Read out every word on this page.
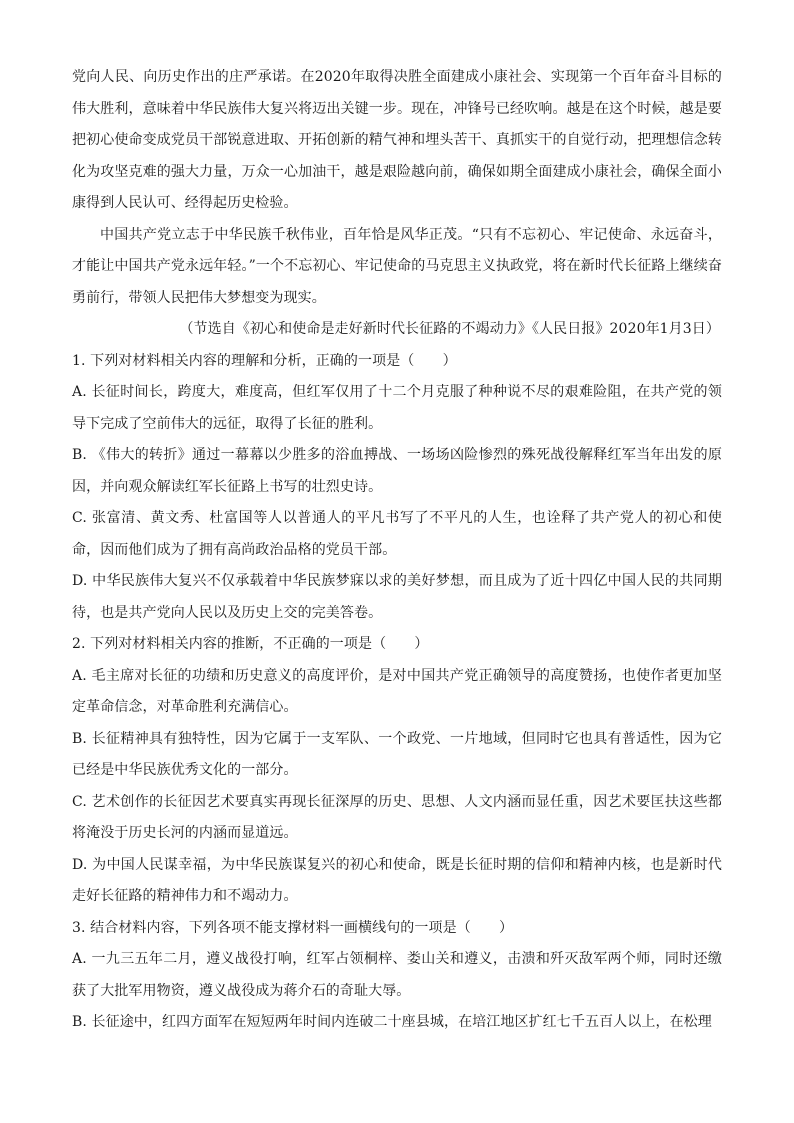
党向人民、向历史作出的庄严承诺。在2020年取得决胜全面建成小康社会、实现第一个百年奋斗目标的伟大胜利，意味着中华民族伟大复兴将迈出关键一步。现在，冲锋号已经吹响。越是在这个时候，越是要把初心使命变成党员干部锐意进取、开拓创新的精气神和埋头苦干、真抓实干的自觉行动，把理想信念转化为攻坚克难的强大力量，万众一心加油干，越是艰险越向前，确保如期全面建成小康社会，确保全面小康得到人民认可、经得起历史检验。

中国共产党立志于中华民族千秋伟业，百年恰是风华正茂。“只有不忘初心、牢记使命、永远奋斗，才能让中国共产党永远年轻。”一个不忘初心、牢记使命的马克思主义执政党，将在新时代长征路上继续奋勇前行，带领人民把伟大梦想变为现实。

（节选自《初心和使命是走好新时代长征路的不竭动力》《人民日报》2020年1月3日）

1. 下列对材料相关内容的理解和分析，正确的一项是（　　）

A. 长征时间长，跨度大，难度高，但红军仅用了十二个月克服了种种说不尽的艰难险阻，在共产党的领导下完成了空前伟大的远征，取得了长征的胜利。

B. 《伟大的转折》通过一幕幕以少胜多的浴血搏战、一场场凶险惨烈的殊死战役解释红军当年出发的原因，并向观众解读红军长征路上书写的壮烈史诗。

C. 张富清、黄文秀、杜富国等人以普通人的平凡书写了不平凡的人生，也诠释了共产党人的初心和使命，因而他们成为了拥有高尚政治品格的党员干部。

D. 中华民族伟大复兴不仅承载着中华民族梦寐以求的美好梦想，而且成为了近十四亿中国人民的共同期待，也是共产党向人民以及历史上交的完美答卷。

2. 下列对材料相关内容的推断，不正确的一项是（　　）

A. 毛主席对长征的功绩和历史意义的高度评价，是对中国共产党正确领导的高度赞扬，也使作者更加坚定革命信念，对革命胜利充满信心。

B. 长征精神具有独特性，因为它属于一支军队、一个政党、一片地域，但同时它也具有普适性，因为它已经是中华民族优秀文化的一部分。

C. 艺术创作的长征因艺术要真实再现长征深厚的历史、思想、人文内涵而显任重，因艺术要匡扶这些都将淹没于历史长河的内涵而显道远。

D. 为中国人民谋幸福，为中华民族谋复兴的初心和使命，既是长征时期的信仰和精神内核，也是新时代走好长征路的精神伟力和不竭动力。

3. 结合材料内容，下列各项不能支撑材料一画横线句的一项是（　　）

A. 一九三五年二月，遵义战役打响，红军占领桐梓、娄山关和遵义，击溃和歼灭敌军两个师，同时还缴获了大批军用物资，遵义战役成为蒋介石的奇耻大辱。

B. 长征途中，红四方面军在短短两年时间内连破二十座县城，在培江地区扩红七千五百人以上，在松理
